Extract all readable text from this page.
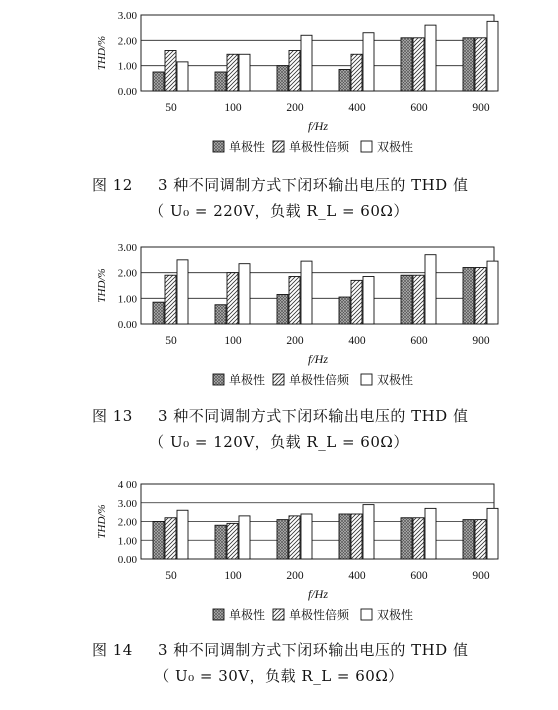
0.00
1.00
2.00
3.00
THD/%
50	100	200	400	600	900
f/Hz
单极性 单极性倍频 双极性
图 12 3 种不同调制方式下闭环输出电压的 THD 值
（ U₀ = 220V，负载 R_L = 60Ω）
0.00
1.00
2.00
3.00
THD/%
50	100	200	400	600	900
f/Hz
单极性 单极性倍频 双极性
图 13 3 种不同调制方式下闭环输出电压的 THD 值
（ U₀ = 120V，负载 R_L = 60Ω）
0.00
1.00
2.00
3.00
4 00
THD/%
50	100	200	400	600	900
f/Hz
单极性 单极性倍频 双极性
图 14 3 种不同调制方式下闭环输出电压的 THD 值
（ U₀ = 30V，负载 R_L = 60Ω）
